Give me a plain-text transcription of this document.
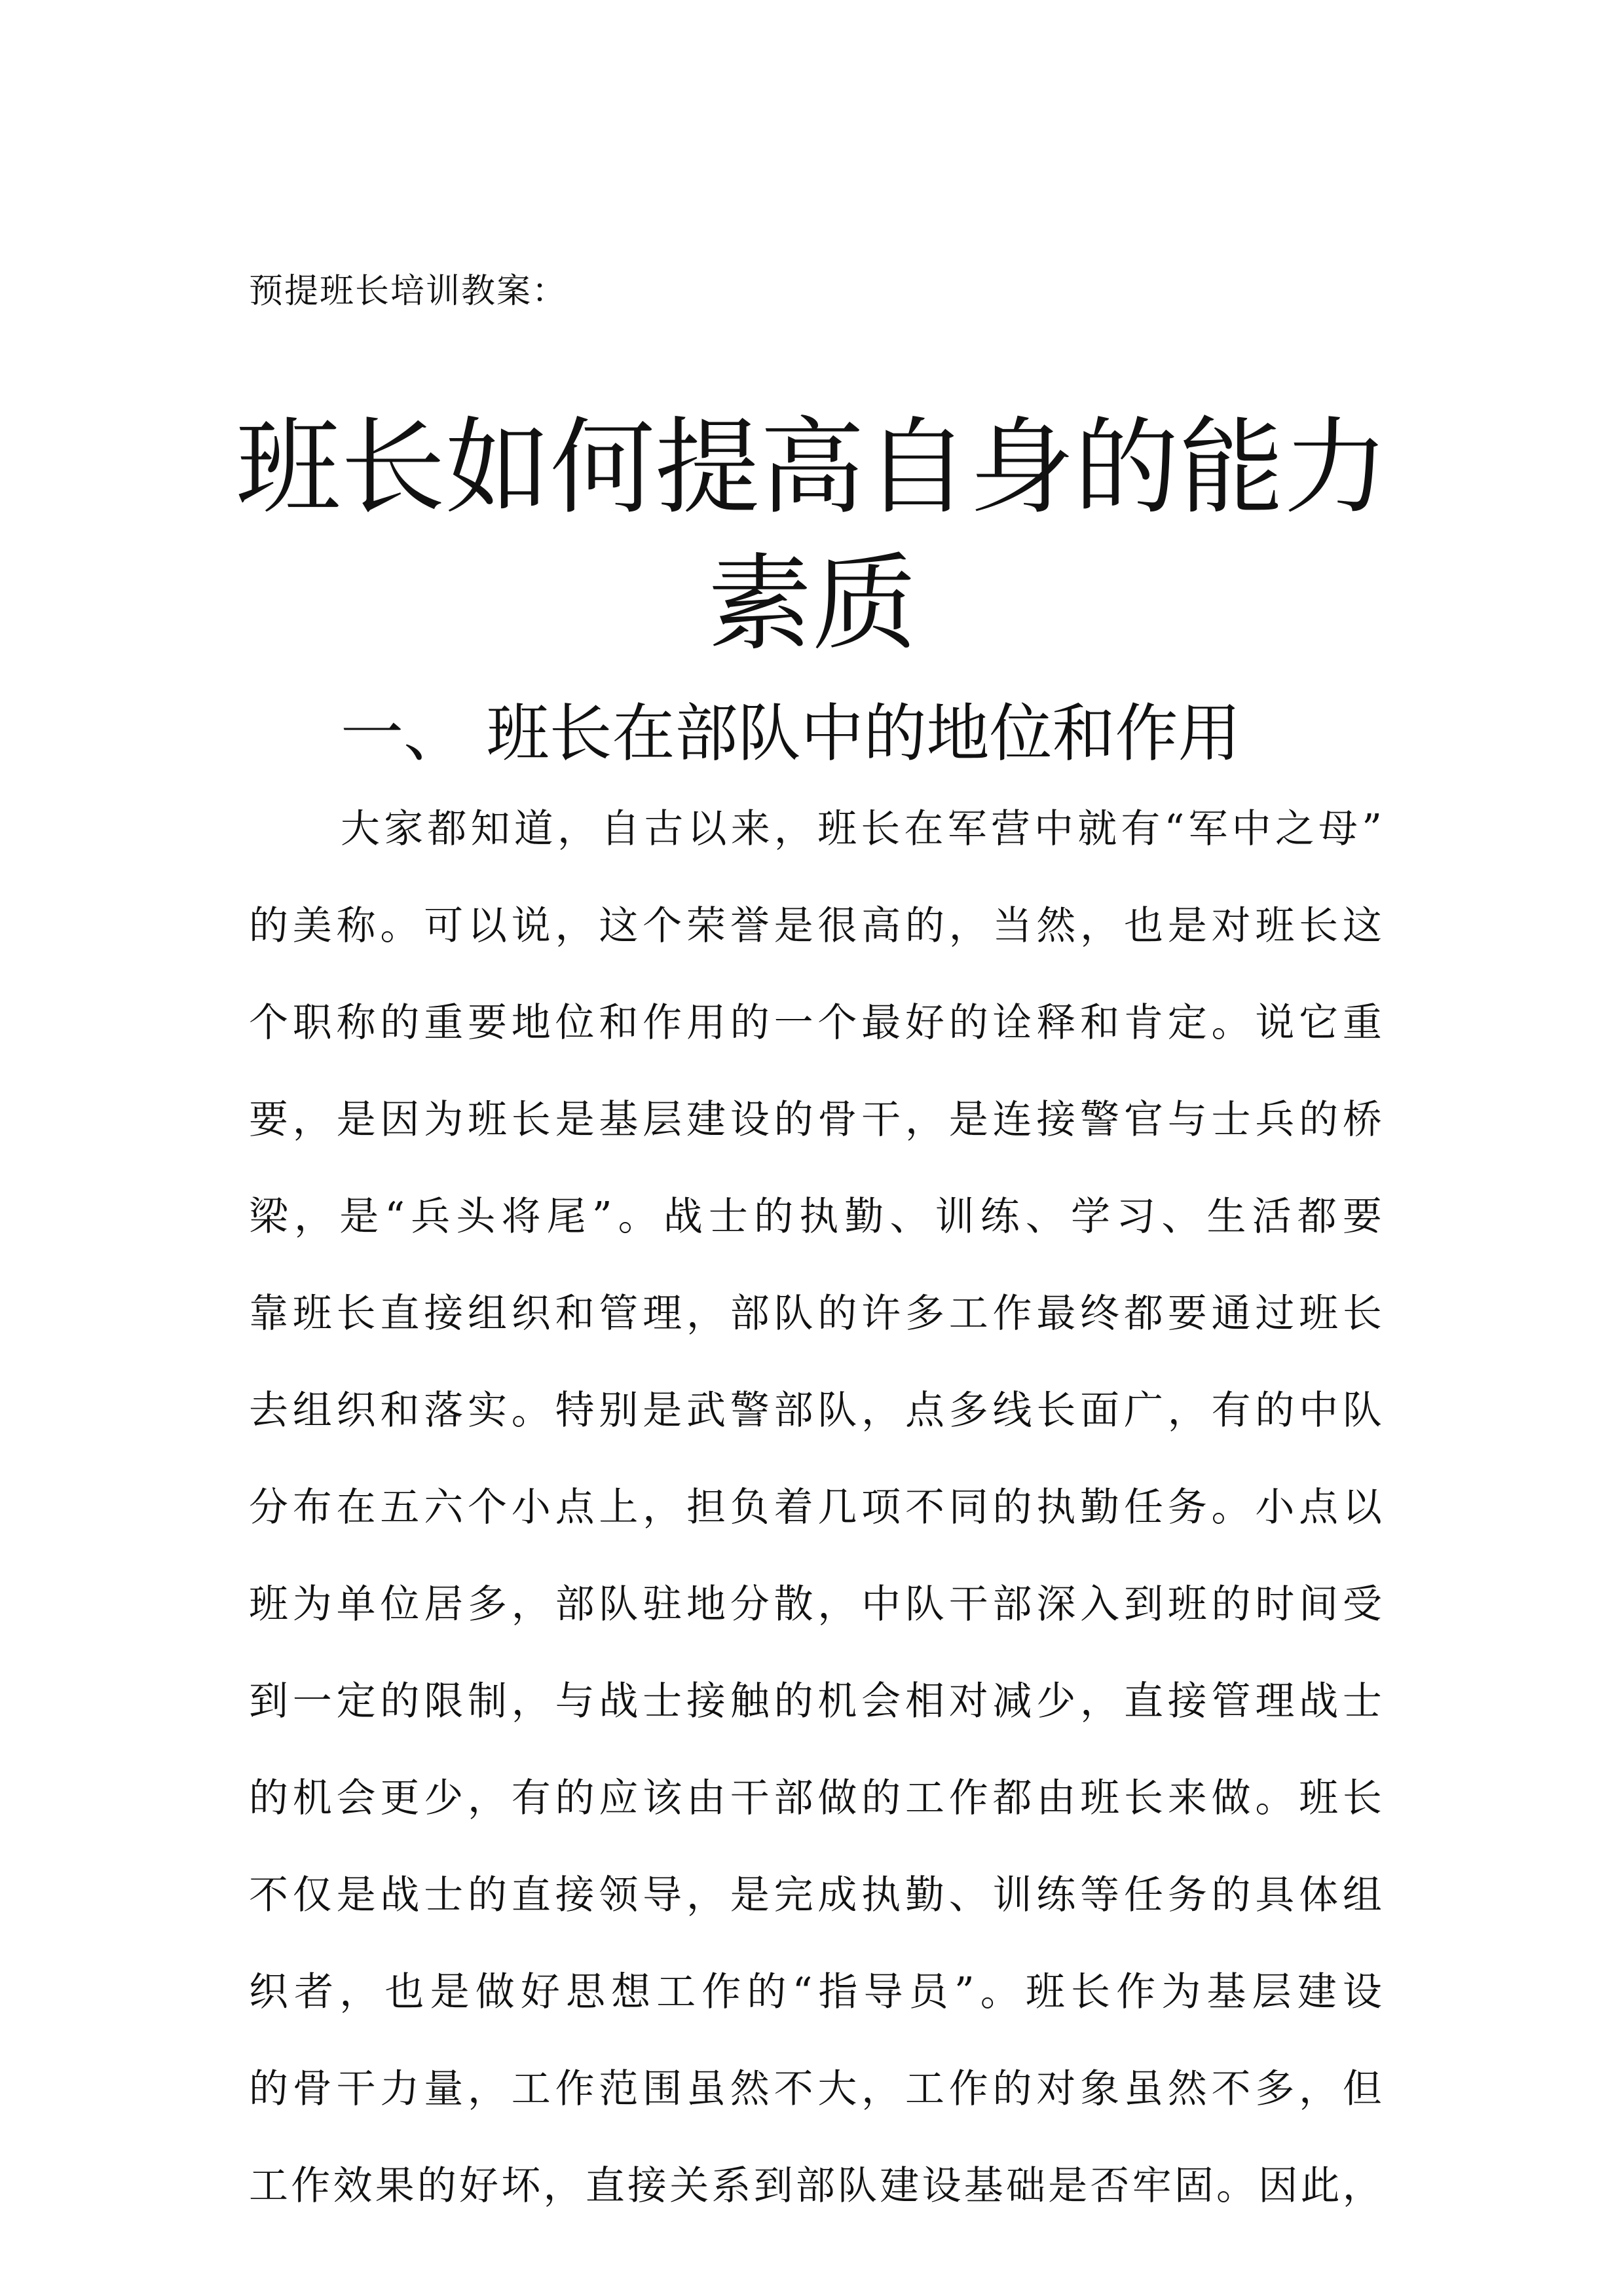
预提班长培训教案：
班长如何提高自身的能力
素质
一、 班长在部队中的地位和作用
大 家 都 知 道 ， 自 古 以 来 ， 班 长 在 军 营 中 就 有 “ 军 中 之 母 ”
的 美 称 。 可 以 说 ， 这 个 荣 誉 是 很 高 的 ， 当 然 ， 也 是 对 班 长 这
个 职 称 的 重 要 地 位 和 作 用 的 一 个 最 好 的 诠 释 和 肯 定 。 说 它 重
要 ， 是 因 为 班 长 是 基 层 建 设 的 骨 干 ， 是 连 接 警 官 与 士 兵 的 桥
梁 ， 是 “ 兵 头 将 尾 ” 。 战 士 的 执 勤 、 训 练 、 学 习 、 生 活 都 要
靠 班 长 直 接 组 织 和 管 理 ， 部 队 的 许 多 工 作 最 终 都 要 通 过 班 长
去 组 织 和 落 实 。 特 别 是 武 警 部 队 ， 点 多 线 长 面 广 ， 有 的 中 队
分 布 在 五 六 个 小 点 上 ， 担 负 着 几 项 不 同 的 执 勤 任 务 。 小 点 以
班 为 单 位 居 多 ， 部 队 驻 地 分 散 ， 中 队 干 部 深 入 到 班 的 时 间 受
到 一 定 的 限 制 ， 与 战 士 接 触 的 机 会 相 对 减 少 ， 直 接 管 理 战 士
的 机 会 更 少 ， 有 的 应 该 由 干 部 做 的 工 作 都 由 班 长 来 做 。 班 长
不 仅 是 战 士 的 直 接 领 导 ， 是 完 成 执 勤 、 训 练 等 任 务 的 具 体 组
织 者 ， 也 是 做 好 思 想 工 作 的 “ 指 导 员 ” 。 班 长 作 为 基 层 建 设
的 骨 干 力 量 ， 工 作 范 围 虽 然 不 大 ， 工 作 的 对 象 虽 然 不 多 ， 但
工 作 效 果 的 好 坏 ， 直 接 关 系 到 部 队 建 设 基 础 是 否 牢 固 。 因 此 ，
